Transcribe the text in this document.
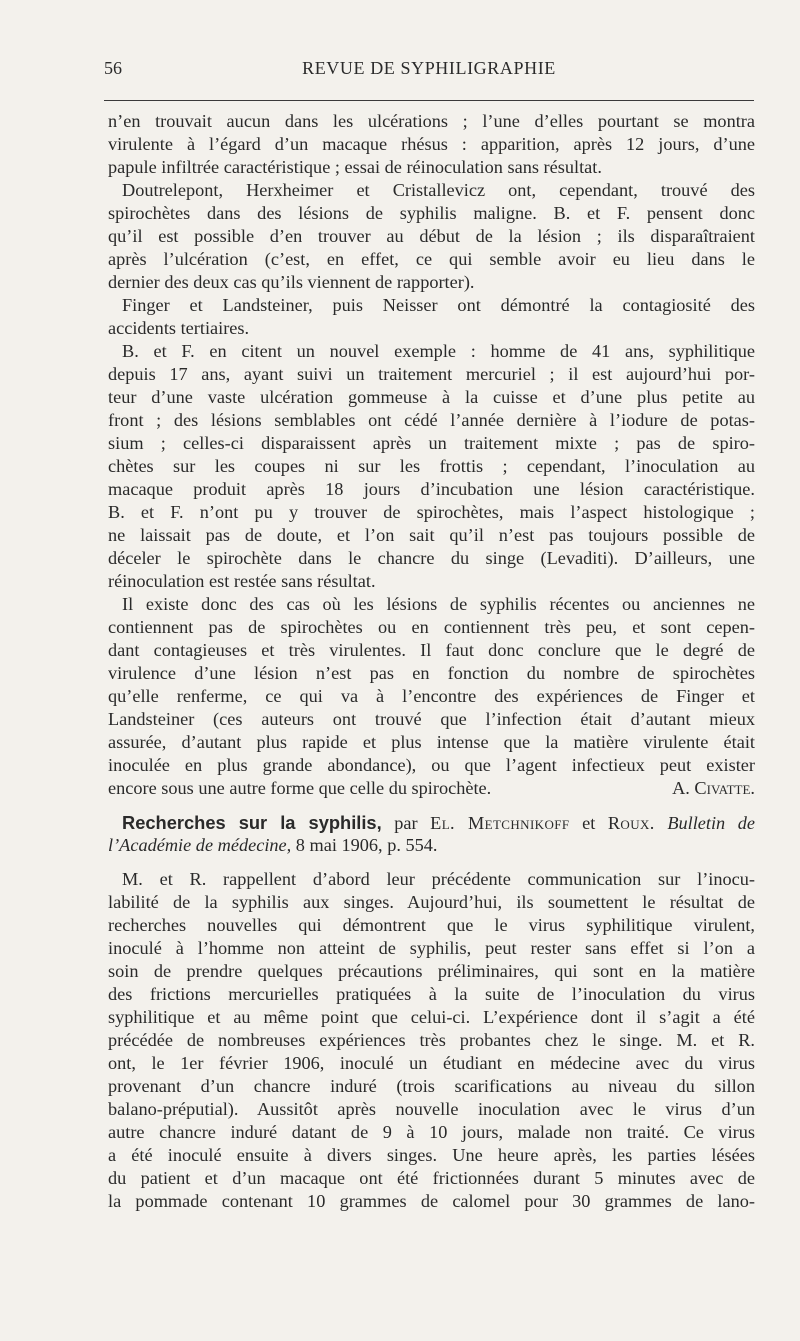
56	REVUE DE SYPHILIGRAPHIE
n’en trouvait aucun dans les ulcérations ; l’une d’elles pourtant se montra
virulente à l’égard d’un macaque rhésus : apparition, après 12 jours, d’une
papule infiltrée caractéristique ; essai de réinoculation sans résultat.
Doutrelepont, Herxheimer et Cristallevicz ont, cependant, trouvé des
spirochètes dans des lésions de syphilis maligne. B. et F. pensent donc
qu’il est possible d’en trouver au début de la lésion ; ils disparaîtraient
après l’ulcération (c’est, en effet, ce qui semble avoir eu lieu dans le
dernier des deux cas qu’ils viennent de rapporter).
Finger et Landsteiner, puis Neisser ont démontré la contagiosité des
accidents tertiaires.
B. et F. en citent un nouvel exemple : homme de 41 ans, syphilitique
depuis 17 ans, ayant suivi un traitement mercuriel ; il est aujourd’hui por-
teur d’une vaste ulcération gommeuse à la cuisse et d’une plus petite au
front ; des lésions semblables ont cédé l’année dernière à l’iodure de potas-
sium ; celles-ci disparaissent après un traitement mixte ; pas de spiro-
chètes sur les coupes ni sur les frottis ; cependant, l’inoculation au
macaque produit après 18 jours d’incubation une lésion caractéristique.
B. et F. n’ont pu y trouver de spirochètes, mais l’aspect histologique ;
ne laissait pas de doute, et l’on sait qu’il n’est pas toujours possible de
déceler le spirochète dans le chancre du singe (Levaditi). D’ailleurs, une
réinoculation est restée sans résultat.
Il existe donc des cas où les lésions de syphilis récentes ou anciennes ne
contiennent pas de spirochètes ou en contiennent très peu, et sont cepen-
dant contagieuses et très virulentes. Il faut donc conclure que le degré de
virulence d’une lésion n’est pas en fonction du nombre de spirochètes
qu’elle renferme, ce qui va à l’encontre des expériences de Finger et
Landsteiner (ces auteurs ont trouvé que l’infection était d’autant mieux
assurée, d’autant plus rapide et plus intense que la matière virulente était
inoculée en plus grande abondance), ou que l’agent infectieux peut exister
encore sous une autre forme que celle du spirochète.	A. Civatte.
Recherches sur la syphilis, par El. Metchnikoff et Roux. Bulletin de
l’Académie de médecine, 8 mai 1906, p. 554.
M. et R. rappellent d’abord leur précédente communication sur l’inocu-
labilité de la syphilis aux singes. Aujourd’hui, ils soumettent le résultat de
recherches nouvelles qui démontrent que le virus syphilitique virulent,
inoculé à l’homme non atteint de syphilis, peut rester sans effet si l’on a
soin de prendre quelques précautions préliminaires, qui sont en la matière
des frictions mercurielles pratiquées à la suite de l’inoculation du virus
syphilitique et au même point que celui-ci. L’expérience dont il s’agit a été
précédée de nombreuses expériences très probantes chez le singe. M. et R.
ont, le 1er février 1906, inoculé un étudiant en médecine avec du virus
provenant d’un chancre induré (trois scarifications au niveau du sillon
balano-préputial). Aussitôt après nouvelle inoculation avec le virus d’un
autre chancre induré datant de 9 à 10 jours, malade non traité. Ce virus
a été inoculé ensuite à divers singes. Une heure après, les parties lésées
du patient et d’un macaque ont été frictionnées durant 5 minutes avec de
la pommade contenant 10 grammes de calomel pour 30 grammes de lano-
